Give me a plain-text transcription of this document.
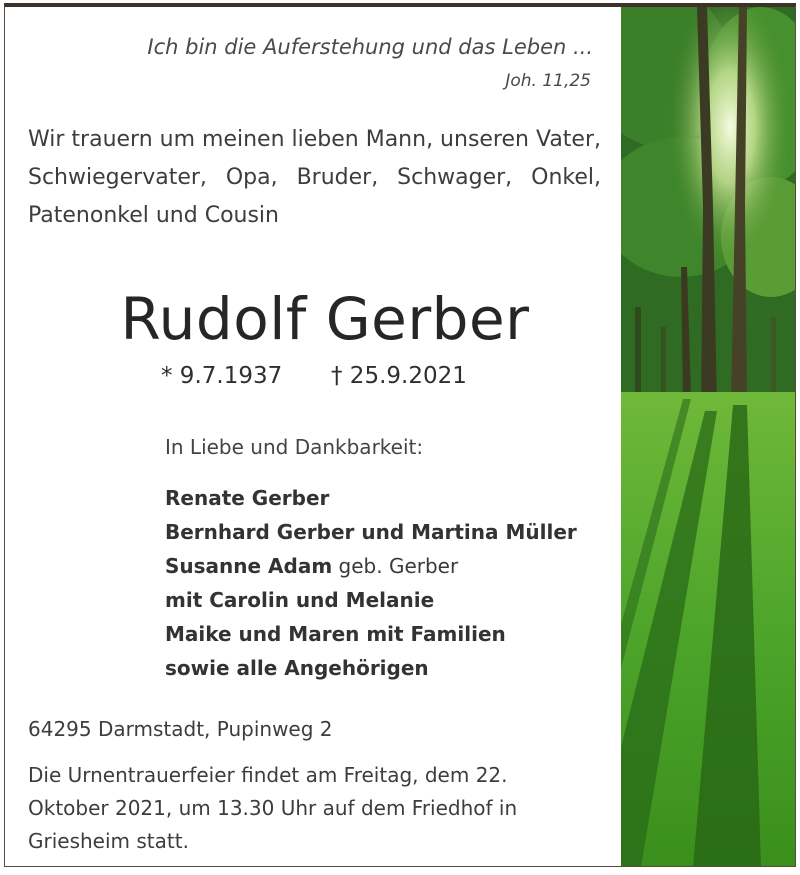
Ich bin die Auferstehung und das Leben ...
Joh. 11,25
Wir trauern um meinen lieben Mann, unseren Vater, Schwiegervater, Opa, Bruder, Schwager, Onkel, Patenonkel und Cousin
Rudolf Gerber
* 9.7.1937 † 25.9.2021
In Liebe und Dankbarkeit:
Renate Gerber
Bernhard Gerber und Martina Müller
Susanne Adam geb. Gerber
mit Carolin und Melanie
Maike und Maren mit Familien
sowie alle Angehörigen
64295 Darmstadt, Pupinweg 2
Die Urnentrauerfeier findet am Freitag, dem 22. Oktober 2021, um 13.30 Uhr auf dem Friedhof in Griesheim statt.
